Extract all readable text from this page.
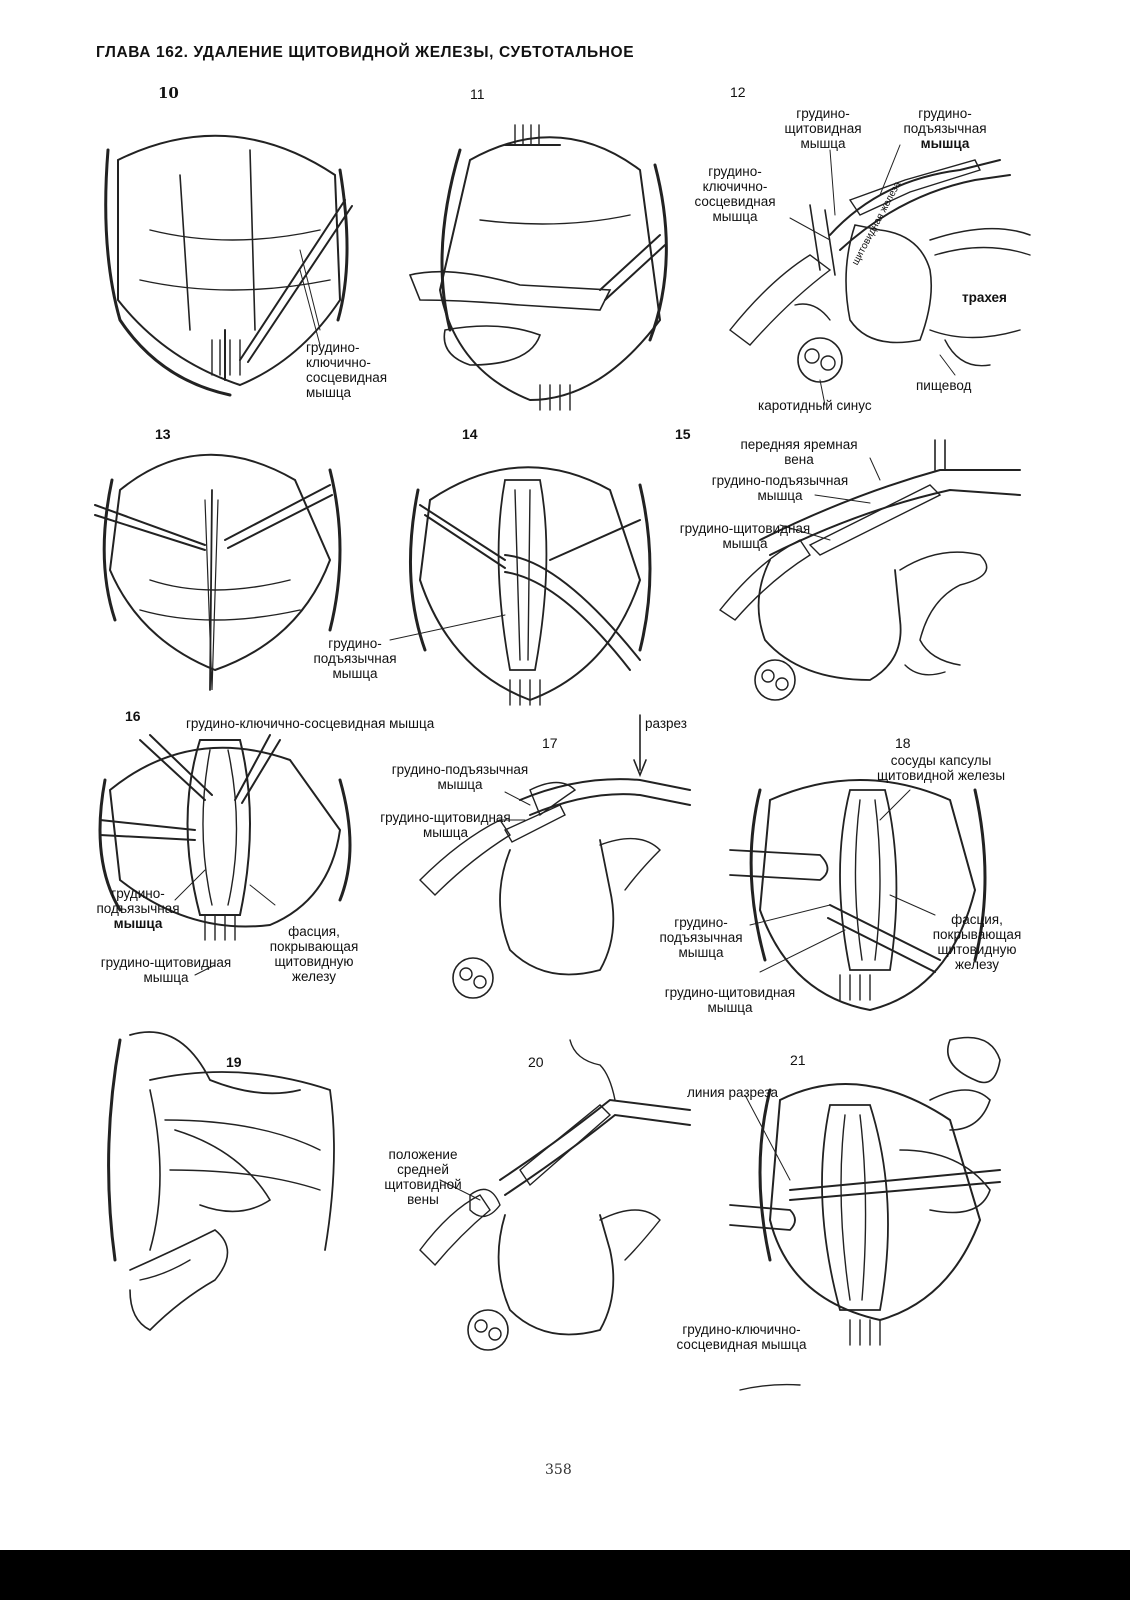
ГЛАВА 162. УДАЛЕНИЕ ЩИТОВИДНОЙ ЖЕЛЕЗЫ, СУБТОТАЛЬНОЕ
10	11	12
13	14	15
16
17	18
19	20	21
грудино-
ключично-
сосцевидная
мышца
грудино-
щитовидная
мышца
грудино-
подъязычная
мышца
грудино-
ключично-
сосцевидная
мышца	щитовидная железа
трахея
пищевод
каротидный синус
грудино-
подъязычная
мышца
передняя яремная
вена
грудино-подъязычная
мышца
грудино-щитовидная
мышца
грудино-ключично-сосцевидная мышца
грудино-
подъязычная
мышца
грудино-щитовидная
мышца
фасция,
покрывающая
щитовидную
железу
разрез
грудино-подъязычная
мышца
грудино-щитовидная
мышца
сосуды капсулы
щитовидной железы
грудино-
подъязычная
мышца
грудино-щитовидная
мышца
фасция,
покрывающая
щитовидную
железу
положение
средней
щитовидной
вены
линия разреза
грудино-ключично-
сосцевидная мышца
358
